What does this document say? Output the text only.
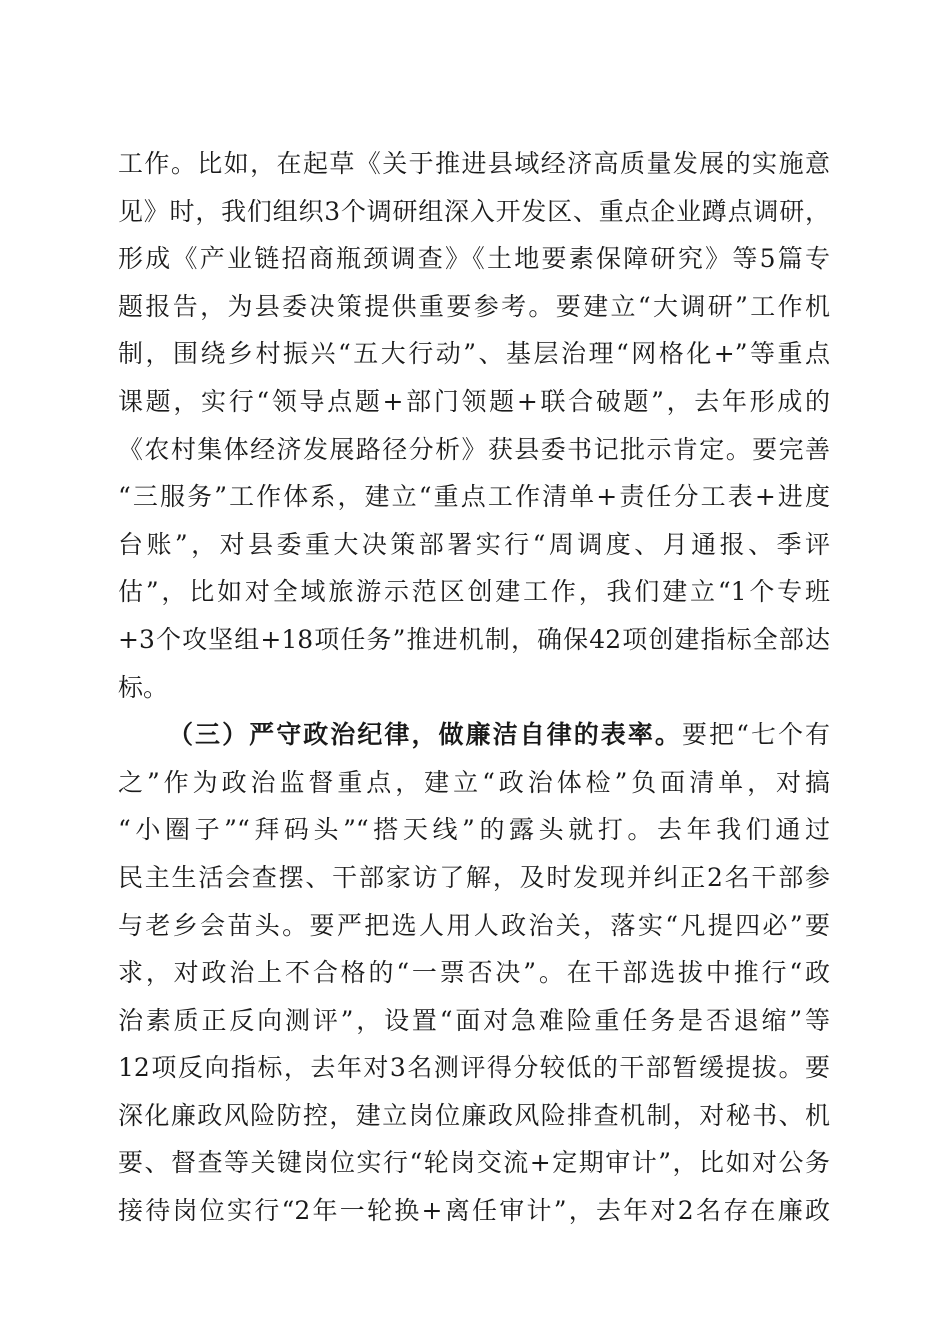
工作。比如，在起草《关于推进县域经济高质量发展的实施意
见》时，我们组织3个调研组深入开发区、重点企业蹲点调研，
形成《产业链招商瓶颈调查》《土地要素保障研究》等5篇专
题报告，为县委决策提供重要参考。要建立“大调研”工作机
制，围绕乡村振兴“五大行动”、基层治理“网格化+”等重点
课题，实行“领导点题+部门领题+联合破题”，去年形成的
《农村集体经济发展路径分析》获县委书记批示肯定。要完善
“三服务”工作体系，建立“重点工作清单+责任分工表+进度
台账”，对县委重大决策部署实行“周调度、月通报、季评
估”，比如对全域旅游示范区创建工作，我们建立“1个专班
+3个攻坚组+18项任务”推进机制，确保42项创建指标全部达
标。
（三）严守政治纪律，做廉洁自律的表率。要把“七个有
之”作为政治监督重点，建立“政治体检”负面清单，对搞
“小圈子”“拜码头”“搭天线”的露头就打。去年我们通过
民主生活会查摆、干部家访了解，及时发现并纠正2名干部参
与老乡会苗头。要严把选人用人政治关，落实“凡提四必”要
求，对政治上不合格的“一票否决”。在干部选拔中推行“政
治素质正反向测评”，设置“面对急难险重任务是否退缩”等
12项反向指标，去年对3名测评得分较低的干部暂缓提拔。要
深化廉政风险防控，建立岗位廉政风险排查机制，对秘书、机
要、督查等关键岗位实行“轮岗交流+定期审计”，比如对公务
接待岗位实行“2年一轮换+离任审计”，去年对2名存在廉政
